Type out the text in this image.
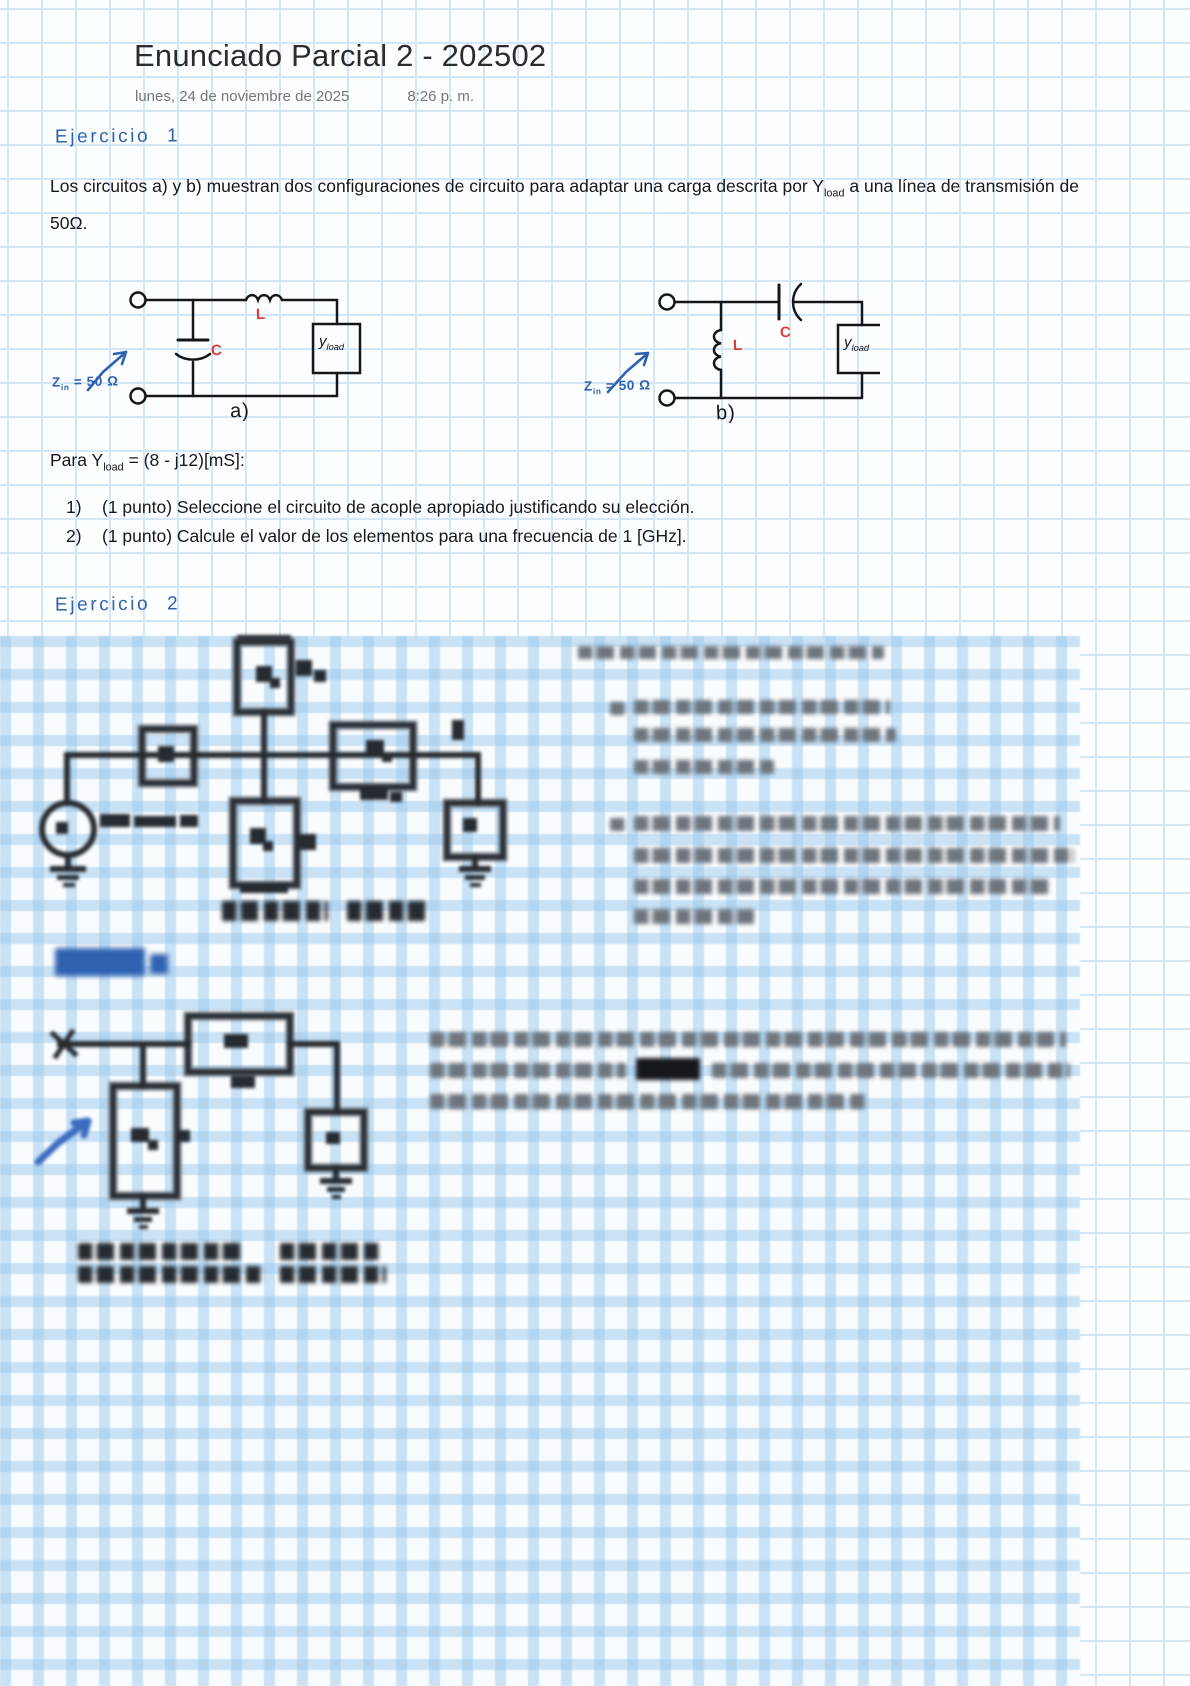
Enunciado Parcial 2 - 202502
lunes, 24 de noviembre de 2025	8:26 p. m.
Ejercicio 1
Los circuitos a) y b) muestran dos configuraciones de circuito para adaptar una carga descrita por $Y_{load}$ a una línea de transmisión de 50Ω.
C
L
$y_{load}$
$Z_{in} = 50$ Ω
a)
C
L	$y_{load}$
$Z_{in} = 50$ Ω
b)
Para $Y_{load} = (8 - j12)[mS]$:
1)	(1 punto) Seleccione el circuito de acople apropiado justificando su elección.
2)	(1 punto) Calcule el valor de los elementos para una frecuencia de 1 [GHz].
Ejercicio 2
